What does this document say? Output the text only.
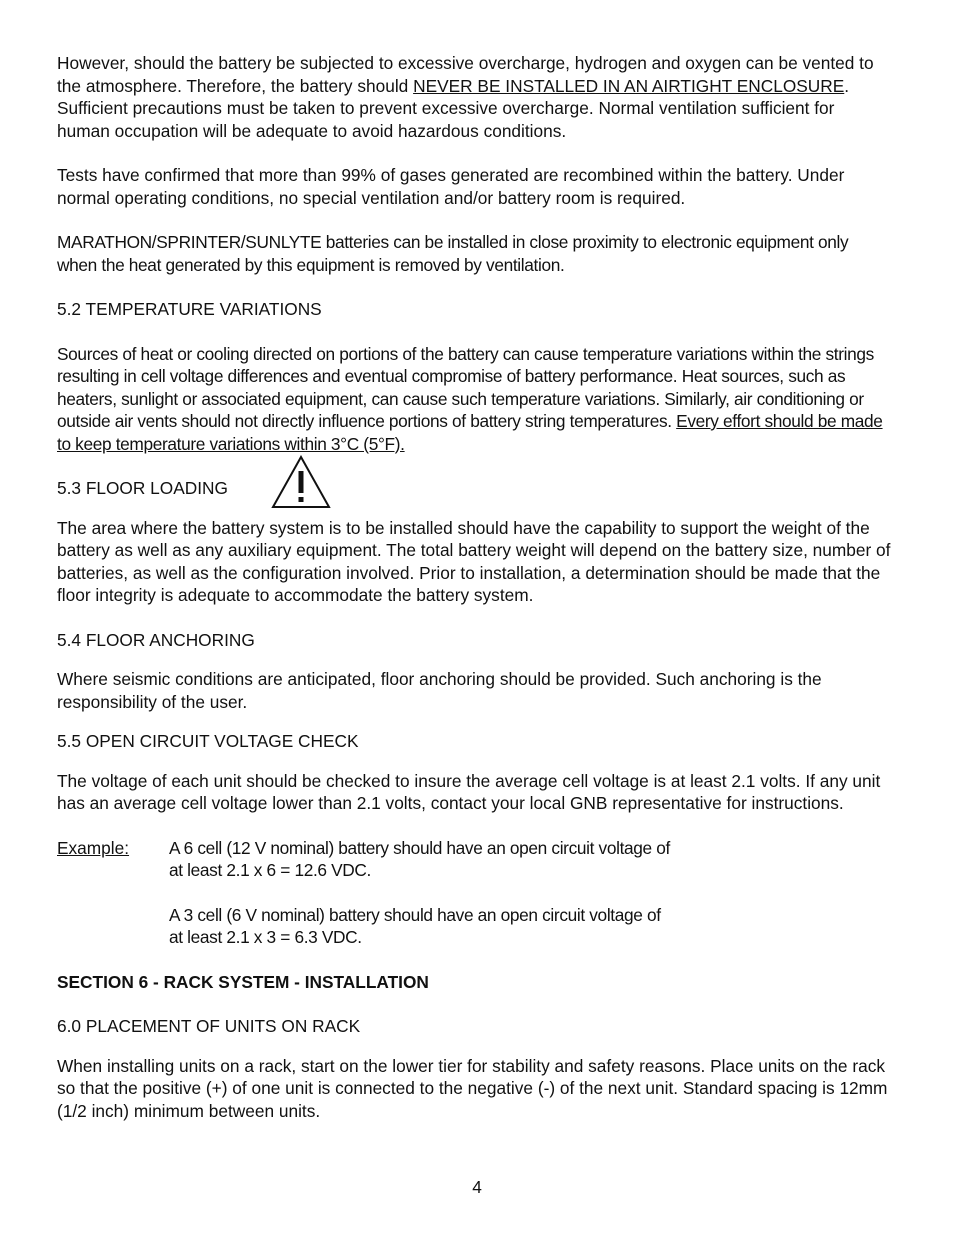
However, should the battery be subjected to excessive overcharge, hydrogen and oxygen can be vented to the atmosphere. Therefore, the battery should NEVER BE INSTALLED IN AN AIRTIGHT ENCLOSURE. Sufficient precautions must be taken to prevent excessive overcharge. Normal ventilation sufficient for human occupation will be adequate to avoid hazardous conditions.

Tests have confirmed that more than 99% of gases generated are recombined within the battery. Under normal operating conditions, no special ventilation and/or battery room is required.

MARATHON/SPRINTER/SUNLYTE batteries can be installed in close proximity to electronic equipment only when the heat generated by this equipment is removed by ventilation.

5.2 TEMPERATURE VARIATIONS

Sources of heat or cooling directed on portions of the battery can cause temperature variations within the strings resulting in cell voltage differences and eventual compromise of battery performance. Heat sources, such as heaters, sunlight or associated equipment, can cause such temperature variations. Similarly, air conditioning or outside air vents should not directly influence portions of battery string temperatures. Every effort should be made to keep temperature variations within 3°C (5°F).

5.3 FLOOR LOADING

The area where the battery system is to be installed should have the capability to support the weight of the battery as well as any auxiliary equipment. The total battery weight will depend on the battery size, number of batteries, as well as the configuration involved. Prior to installation, a determination should be made that the floor integrity is adequate to accommodate the battery system.

5.4 FLOOR ANCHORING

Where seismic conditions are anticipated, floor anchoring should be provided. Such anchoring is the responsibility of the user.

5.5 OPEN CIRCUIT VOLTAGE CHECK

The voltage of each unit should be checked to insure the average cell voltage is at least 2.1 volts. If any unit has an average cell voltage lower than 2.1 volts, contact your local GNB representative for instructions.

Example:	A 6 cell (12 V nominal) battery should have an open circuit voltage of
at least 2.1 x 6 = 12.6 VDC.

A 3 cell (6 V nominal) battery should have an open circuit voltage of
at least 2.1 x 3 = 6.3 VDC.

SECTION 6 - RACK SYSTEM - INSTALLATION

6.0 PLACEMENT OF UNITS ON RACK

When installing units on a rack, start on the lower tier for stability and safety reasons. Place units on the rack so that the positive (+) of one unit is connected to the negative (-) of the next unit. Standard spacing is 12mm (1/2 inch) minimum between units.

4
